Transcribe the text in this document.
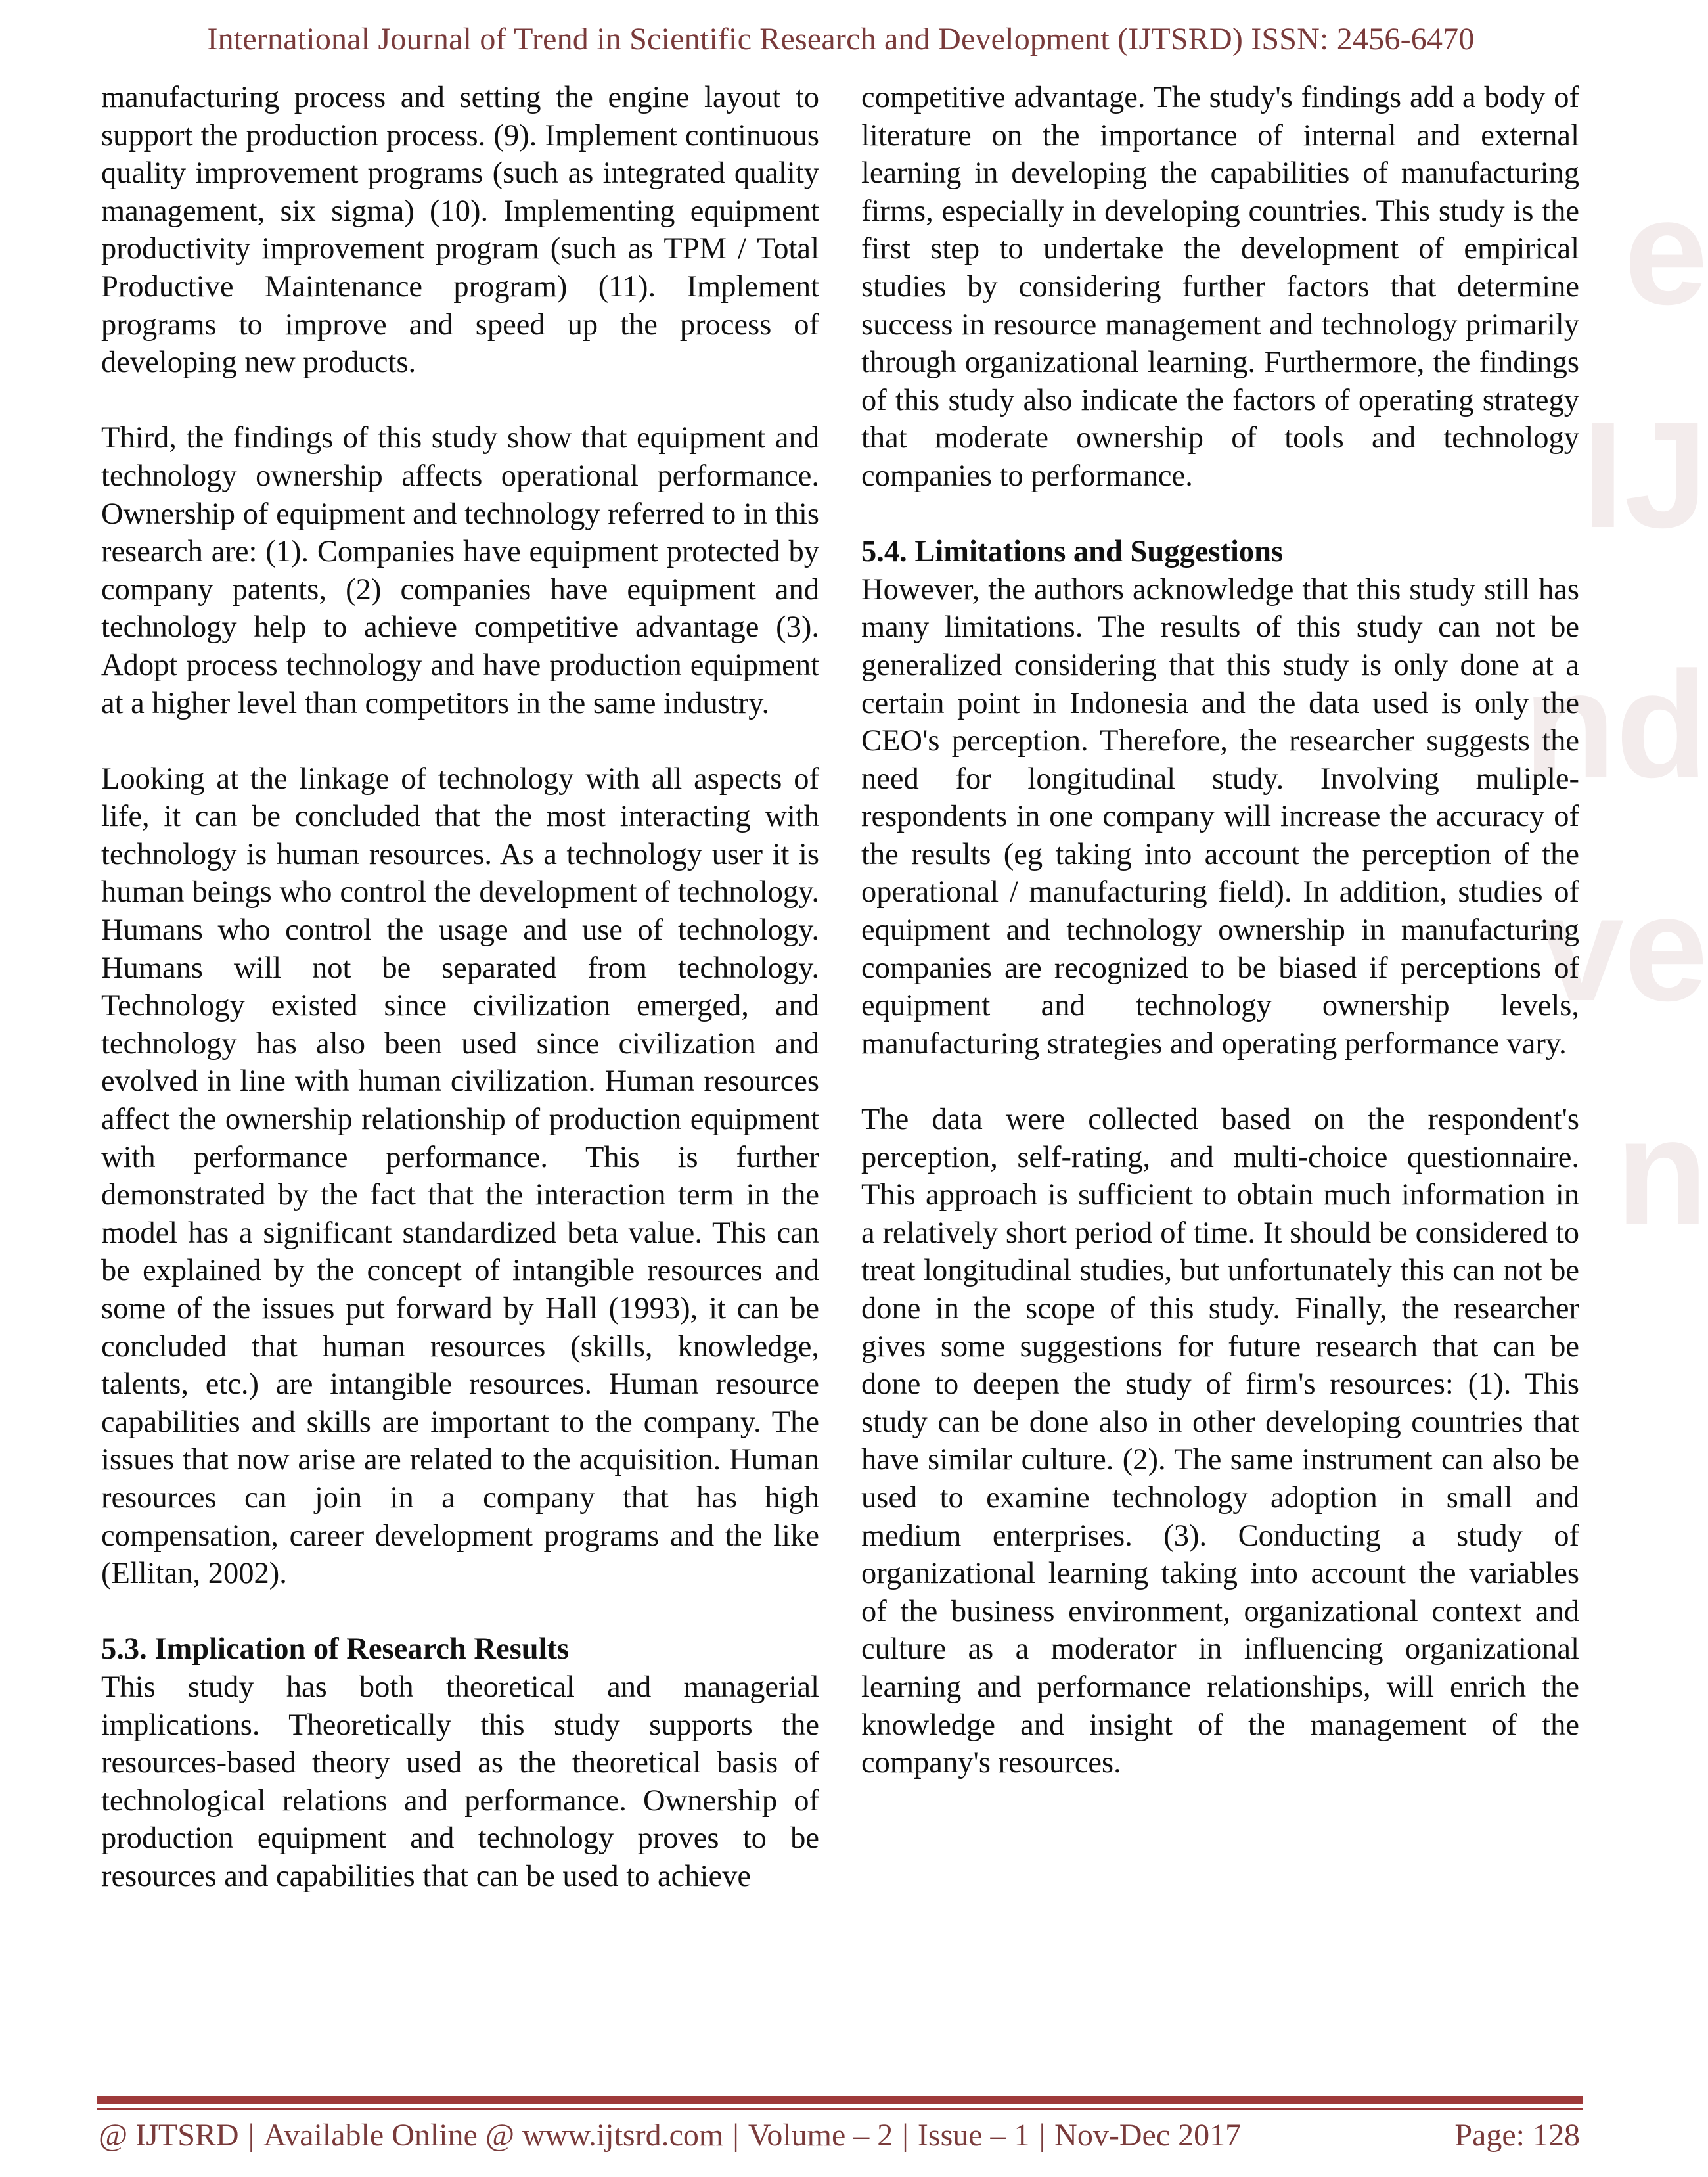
e
IJ
nd
ve
n
International Journal of Trend in Scientific Research and Development (IJTSRD) ISSN: 2456-6470

manufacturing process and setting the engine layout to support the production process. (9). Implement continuous quality improvement programs (such as integrated quality management, six sigma) (10). Implementing equipment productivity improvement program (such as TPM / Total Productive Maintenance program) (11). Implement programs to improve and speed up the process of developing new products.

Third, the findings of this study show that equipment and technology ownership affects operational performance. Ownership of equipment and technology referred to in this research are: (1). Companies have equipment protected by company patents, (2) companies have equipment and technology help to achieve competitive advantage (3). Adopt process technology and have production equipment at a higher level than competitors in the same industry.

Looking at the linkage of technology with all aspects of life, it can be concluded that the most interacting with technology is human resources. As a technology user it is human beings who control the development of technology. Humans who control the usage and use of technology. Humans will not be separated from technology. Technology existed since civilization emerged, and technology has also been used since civilization and evolved in line with human civilization. Human resources affect the ownership relationship of production equipment with performance performance. This is further demonstrated by the fact that the interaction term in the model has a significant standardized beta value. This can be explained by the concept of intangible resources and some of the issues put forward by Hall (1993), it can be concluded that human resources (skills, knowledge, talents, etc.) are intangible resources. Human resource capabilities and skills are important to the company. The issues that now arise are related to the acquisition. Human resources can join in a company that has high compensation, career development programs and the like (Ellitan, 2002).

5.3. Implication of Research Results

This study has both theoretical and managerial implications. Theoretically this study supports the resources-based theory used as the theoretical basis of technological relations and performance. Ownership of production equipment and technology proves to be resources and capabilities that can be used to achieve

competitive advantage. The study's findings add a body of literature on the importance of internal and external learning in developing the capabilities of manufacturing firms, especially in developing countries. This study is the first step to undertake the development of empirical studies by considering further factors that determine success in resource management and technology primarily through organizational learning. Furthermore, the findings of this study also indicate the factors of operating strategy that moderate ownership of tools and technology companies to performance.

5.4. Limitations and Suggestions

However, the authors acknowledge that this study still has many limitations. The results of this study can not be generalized considering that this study is only done at a certain point in Indonesia and the data used is only the CEO's perception. Therefore, the researcher suggests the need for longitudinal study. Involving muliple-respondents in one company will increase the accuracy of the results (eg taking into account the perception of the operational / manufacturing field). In addition, studies of equipment and technology ownership in manufacturing companies are recognized to be biased if perceptions of equipment and technology ownership levels, manufacturing strategies and operating performance vary.

The data were collected based on the respondent's perception, self-rating, and multi-choice questionnaire. This approach is sufficient to obtain much information in a relatively short period of time. It should be considered to treat longitudinal studies, but unfortunately this can not be done in the scope of this study. Finally, the researcher gives some suggestions for future research that can be done to deepen the study of firm's resources: (1). This study can be done also in other developing countries that have similar culture. (2). The same instrument can also be used to examine technology adoption in small and medium enterprises. (3). Conducting a study of organizational learning taking into account the variables of the business environment, organizational context and culture as a moderator in influencing organizational learning and performance relationships, will enrich the knowledge and insight of the management of the company's resources.

@ IJTSRD | Available Online @ www.ijtsrd.com | Volume – 2 | Issue – 1 | Nov-Dec 2017	Page: 128
